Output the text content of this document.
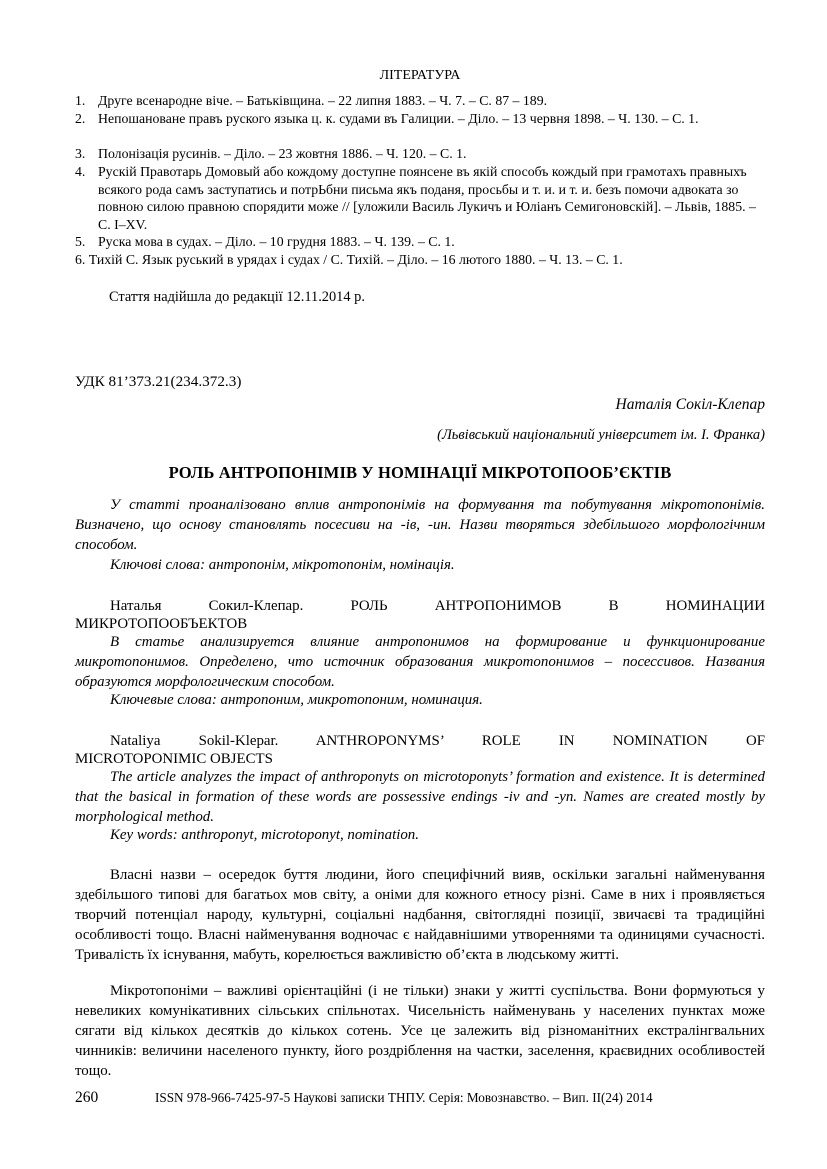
ЛІТЕРАТУРА
1. Друге всенародне віче. – Батьківщина. – 22 липня 1883. – Ч. 7. – С. 87 – 189.
2. Непошановане правъ руского языка ц. к. судами въ Галиции. – Діло. – 13 червня 1898. – Ч. 130. – С. 1.
3. Полонізація русинів. – Діло. – 23 жовтня 1886. – Ч. 120. – С. 1.
4. Рускій Правотарь Домовый або кождому доступне поянсене въ якій способъ кождый при грамотахъ правныхъ всякого рода самъ заступатись и потрЬбни письма якъ поданя, просьбы и т. и. и т. и. безъ помочи адвоката зо повною силою правною спорядити може // [уложили Василь Лукичъ и Юліанъ Семигоновскій]. – Львів, 1885. – С. І–XV.
5. Руска мова в судах. – Діло. – 10 грудня 1883. – Ч. 139. – С. 1.
6. Тихій С. Язык руський в урядах і судах / С. Тихій. – Діло. – 16 лютого 1880. – Ч. 13. – С. 1.
Стаття надійшла до редакції 12.11.2014 р.
УДК 81’373.21(234.372.3)
Наталія Сокіл-Клепар
(Львівський національний університет ім. І. Франка)
РОЛЬ АНТРОПОНІМІВ У НОМІНАЦІЇ МІКРОТОПООБ’ЄКТІВ
У статті проаналізовано вплив антропонімів на формування та побутування мікротопонімів. Визначено, що основу становлять посесиви на -ів, -ин. Назви творяться здебільшого морфологічним способом.
Ключові слова: антропонім, мікротопонім, номінація.
Наталья Сокил-Клепар. РОЛЬ АНТРОПОНИМОВ В НОМИНАЦИИ
МИКРОТОПООБЪЕКТОВ
В статье анализируется влияние антропонимов на формирование и функционирование микротопонимов. Определено, что источник образования микротопонимов – посессивов. Названия образуются морфологическим способом.
Ключевые слова: антропоним, микротопоним, номинация.
Nataliya Sokil-Klepar. ANTHROPONYMS’ ROLE IN NOMINATION OF
MICROTOPONIMIC OBJECTS
The article analyzes the impact of anthroponyts on microtoponyts’ formation and existence. It is determined that the basical in formation of these words are possessive endings -iv and -yn. Names are created mostly by morphological method.
Key words: anthroponyt, microtoponyt, nomination.
Власні назви – осередок буття людини, його специфічний вияв, оскільки загальні найменування здебільшого типові для багатьох мов світу, а оніми для кожного етносу різні. Саме в них і проявляється творчий потенціал народу, культурні, соціальні надбання, світоглядні позиції, звичаєві та традиційні особливості тощо. Власні найменування водночас є найдавнішими утвореннями та одиницями сучасності. Тривалість їх існування, мабуть, корелюється важливістю об’єкта в людському житті.
Мікротопоніми – важливі орієнтаційні (і не тільки) знаки у житті суспільства. Вони формуються у невеликих комунікативних сільських спільнотах. Чисельність найменувань у населених пунктах може сягати від кількох десятків до кількох сотень. Усе це залежить від різноманітних екстралінгвальних чинників: величини населеного пункту, його роздріблення на частки, заселення, краєвидних особливостей тощо.
260	ISSN 978-966-7425-97-5 Наукові записки ТНПУ. Серія: Мовознавство. – Вип. ІІ(24) 2014
